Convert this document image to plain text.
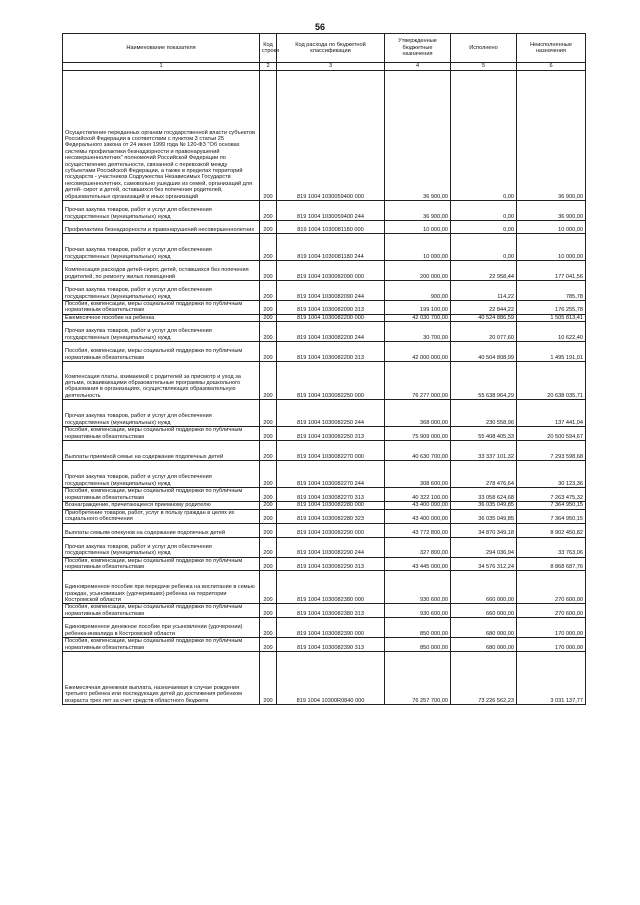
56
Наименование показателя	Код строки	Код расхода по бюджетной классификации	Утвержденные бюджетные назначения	Исполнено	Неисполненные назначения
1	2	3	4	5	6
Осуществление переданных органам государственной власти субъектов Российской Федерации в соответствии с пунктом 3 статьи 25 Федерального закона от 24 июня 1999 года № 120-ФЗ "Об основах системы профилактики безнадзорности и правонарушений несовершеннолетних" полномочий Российской Федерации по осуществлению деятельности, связанной с перевозкой между субъектами Российской Федерации, а также в пределах территорий государств - участников Содружества Независимых Государств несовершеннолетних, самовольно ушедших из семей, организаций для детей- сирот и детей, оставшихся без попечения родителей, образовательных организаций и иных организаций	200	819 1004 1030059400 000	36 900,00	0,00	36 900,00
Прочая закупка товаров, работ и услуг для обеспечения государственных (муниципальных) нужд	200	819 1004 1030059400 244	36 900,00	0,00	36 900,00
Профилактика безнадзорности и правонарушений несовершеннолетних	200	819 1004 1030081180 000	10 000,00	0,00	10 000,00
Прочая закупка товаров, работ и услуг для обеспечения государственных (муниципальных) нужд	200	819 1004 1030081180 244	10 000,00	0,00	10 000,00
Компенсация расходов детей-сирот, детей, оставшихся без попечения родителей, по ремонту жилых помещений	200	819 1004 1030082090 000	200 000,00	22 958,44	177 041,56
Прочая закупка товаров, работ и услуг для обеспечения государственных (муниципальных) нужд	200	819 1004 1030082090 244	900,00	114,22	785,78
Пособия, компенсации, меры социальной поддержки по публичным нормативным обязательствам	200	819 1004 1030082090 313	199 100,00	22 844,22	176 255,78
Ежемесячное пособие на ребенка	200	819 1004 1030082200 000	42 030 700,00	40 524 886,59	1 505 813,41
Прочая закупка товаров, работ и услуг для обеспечения государственных (муниципальных) нужд	200	819 1004 1030082200 244	30 700,00	20 077,60	10 622,40
Пособия, компенсации, меры социальной поддержки по публичным нормативным обязательствам	200	819 1004 1030082200 313	42 000 000,00	40 504 808,99	1 495 191,01
Компенсация платы, взимаемой с родителей за присмотр и уход за детьми, осваивающими образовательные программы дошкольного образования в организациях, осуществляющих образовательную деятельность	200	819 1004 1030082250 000	76 277 000,00	55 638 964,29	20 638 035,71
Прочая закупка товаров, работ и услуг для обеспечения государственных (муниципальных) нужд	200	819 1004 1030082250 244	368 000,00	230 558,96	137 441,04
Пособия, компенсации, меры социальной поддержки по публичным нормативным обязательствам	200	819 1004 1030082250 313	75 909 000,00	55 408 405,33	20 500 594,67
Выплаты приемной семье на содержание подопечных детей	200	819 1004 1030082270 000	40 630 700,00	33 337 101,32	7 293 598,68
Прочая закупка товаров, работ и услуг для обеспечения государственных (муниципальных) нужд	200	819 1004 1030082270 244	308 600,00	278 476,64	30 123,36
Пособия, компенсации, меры социальной поддержки по публичным нормативным обязательствам	200	819 1004 1030082270 313	40 322 100,00	33 058 624,68	7 263 475,32
Вознаграждение, причитающееся приемному родителю	200	819 1004 1030082280 000	43 400 000,00	36 035 049,85	7 364 950,15
Приобретение товаров, работ, услуг в пользу граждан в целях их социального обеспечения	200	819 1004 1030082280 323	43 400 000,00	36 035 049,85	7 364 950,15
Выплаты семьям опекунов на содержание подопечных детей	200	819 1004 1030082290 000	43 772 800,00	34 870 349,18	8 902 450,82
Прочая закупка товаров, работ и услуг для обеспечения государственных (муниципальных) нужд	200	819 1004 1030082290 244	327 800,00	294 036,94	33 763,06
Пособия, компенсации, меры социальной поддержки по публичным нормативным обязательствам	200	819 1004 1030082290 313	43 445 000,00	34 576 312,24	8 868 687,76
Единовременное пособие при передаче ребенка на воспитание в семью граждан, усыновивших (удочеривших) ребенка на территории Костромской области	200	819 1004 1030082380 000	930 600,00	660 000,00	270 600,00
Пособия, компенсации, меры социальной поддержки по публичным нормативным обязательствам	200	819 1004 1030082380 313	930 600,00	660 000,00	270 600,00
Единовременное денежное пособие при усыновлении (удочерении) ребенка-инвалида в Костромской области	200	819 1004 1030082390 000	850 000,00	680 000,00	170 000,00
Пособия, компенсации, меры социальной поддержки по публичным нормативным обязательствам	200	819 1004 1030082390 313	850 000,00	680 000,00	170 000,00
Ежемесячная денежная выплата, назначаемая в случае рождения третьего ребенка или последующих детей до достижения ребенком возраста трех лет за счет средств областного бюджета	200	819 1004 10300R0840 000	76 257 700,00	73 226 562,23	3 031 137,77
